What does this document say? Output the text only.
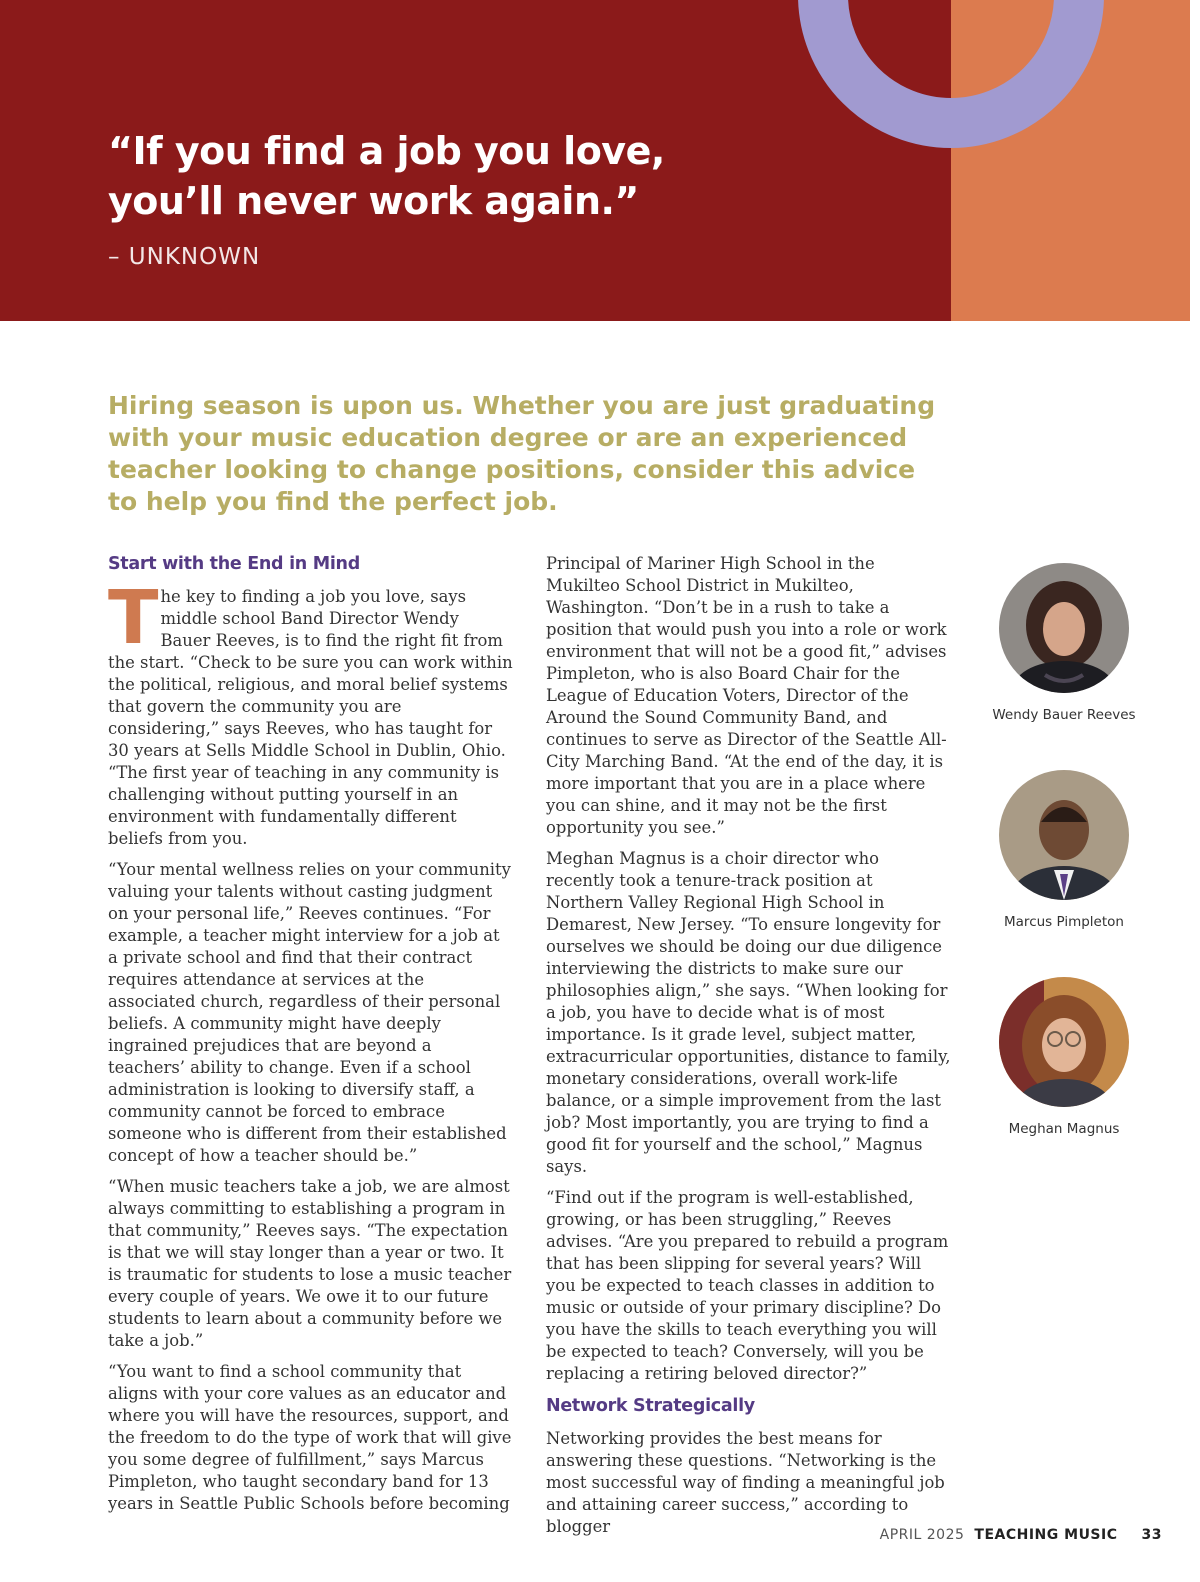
“If you find a job you love, you’ll never work again.”

– UNKNOWN

Hiring season is upon us. Whether you are just graduating with your music education degree or are an experienced teacher looking to change positions, consider this advice to help you find the perfect job.

Start with the End in Mind

The key to finding a job you love, says middle school Band Director Wendy Bauer Reeves, is to find the right fit from the start. “Check to be sure you can work within the political, religious, and moral belief systems that govern the community you are considering,” says Reeves, who has taught for 30 years at Sells Middle School in Dublin, Ohio. “The first year of teaching in any community is challenging without putting yourself in an environment with fundamentally different beliefs from you.

“Your mental wellness relies on your community valuing your talents without casting judgment on your personal life,” Reeves continues. “For example, a teacher might interview for a job at a private school and find that their contract requires attendance at services at the associated church, regardless of their personal beliefs. A community might have deeply ingrained prejudices that are beyond a teachers’ ability to change. Even if a school administration is looking to diversify staff, a community cannot be forced to embrace someone who is different from their established concept of how a teacher should be.”

“When music teachers take a job, we are almost always committing to establishing a program in that community,” Reeves says. “The expectation is that we will stay longer than a year or two. It is traumatic for students to lose a music teacher every couple of years. We owe it to our future students to learn about a community before we take a job.”

“You want to find a school community that aligns with your core values as an educator and where you will have the resources, support, and the freedom to do the type of work that will give you some degree of fulfillment,” says Marcus Pimpleton, who taught secondary band for 13 years in Seattle Public Schools before becoming

Principal of Mariner High School in the Mukilteo School District in Mukilteo, Washington. “Don’t be in a rush to take a position that would push you into a role or work environment that will not be a good fit,” advises Pimpleton, who is also Board Chair for the League of Education Voters, Director of the Around the Sound Community Band, and continues to serve as Director of the Seattle All-City Marching Band. “At the end of the day, it is more important that you are in a place where you can shine, and it may not be the first opportunity you see.”

Meghan Magnus is a choir director who recently took a tenure-track position at Northern Valley Regional High School in Demarest, New Jersey. “To ensure longevity for ourselves we should be doing our due diligence interviewing the districts to make sure our philosophies align,” she says. “When looking for a job, you have to decide what is of most importance. Is it grade level, subject matter, extracurricular opportunities, distance to family, monetary considerations, overall work-life balance, or a simple improvement from the last job? Most importantly, you are trying to find a good fit for yourself and the school,” Magnus says.

“Find out if the program is well-established, growing, or has been struggling,” Reeves advises. “Are you prepared to rebuild a program that has been slipping for several years? Will you be expected to teach classes in addition to music or outside of your primary discipline? Do you have the skills to teach everything you will be expected to teach? Conversely, will you be replacing a retiring beloved director?”

Network Strategically

Networking provides the best means for answering these questions. “Networking is the most successful way of finding a meaningful job and attaining career success,” according to blogger

Wendy Bauer Reeves
Marcus Pimpleton
Meghan Magnus
APRIL 2025 TEACHING MUSIC 33
